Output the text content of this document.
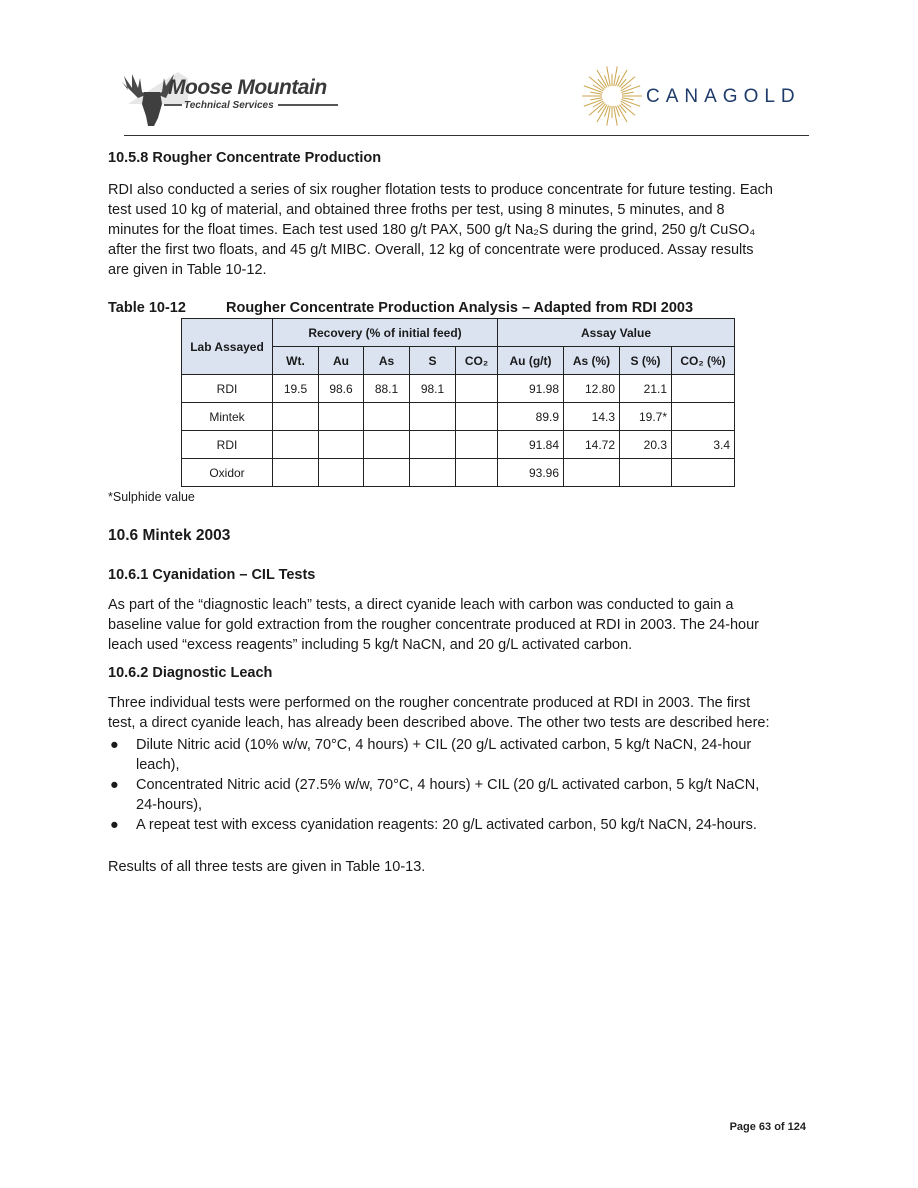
Moose Mountain
Technical Services	CANAGOLD
10.5.8 Rougher Concentrate Production

RDI also conducted a series of six rougher flotation tests to produce concentrate for future testing. Each

test used 10 kg of material, and obtained three froths per test, using 8 minutes, 5 minutes, and 8

minutes for the float times. Each test used 180 g/t PAX, 500 g/t Na₂S during the grind, 250 g/t CuSO₄

after the first two floats, and 45 g/t MIBC. Overall, 12 kg of concentrate were produced. Assay results

are given in Table 10-12.

Table 10-12	Rougher Concentrate Production Analysis – Adapted from RDI 2003
Lab Assayed	Recovery (% of initial feed)					Assay Value			
	Wt.	Au	As	S	CO₂	Au (g/t)	As (%)	S (%)	CO₂ (%)
RDI	19.5	98.6	88.1	98.1		91.98	12.80	21.1	
Mintek						89.9	14.3	19.7*	
RDI						91.84	14.72	20.3	3.4
Oxidor						93.96			
*Sulphide value
10.6 Mintek 2003
10.6.1 Cyanidation – CIL Tests

As part of the “diagnostic leach” tests, a direct cyanide leach with carbon was conducted to gain a

baseline value for gold extraction from the rougher concentrate produced at RDI in 2003. The 24-hour

leach used “excess reagents” including 5 kg/t NaCN, and 20 g/L activated carbon.

10.6.2 Diagnostic Leach

Three individual tests were performed on the rougher concentrate produced at RDI in 2003. The first

test, a direct cyanide leach, has already been described above. The other two tests are described here:

● Dilute Nitric acid (10% w/w, 70°C, 4 hours) + CIL (20 g/L activated carbon, 5 kg/t NaCN, 24-hour
leach),
● Concentrated Nitric acid (27.5% w/w, 70°C, 4 hours) + CIL (20 g/L activated carbon, 5 kg/t NaCN,
24-hours),
● A repeat test with excess cyanidation reagents: 20 g/L activated carbon, 50 kg/t NaCN, 24-hours.

Results of all three tests are given in Table 10-13.

Page 63 of 124
